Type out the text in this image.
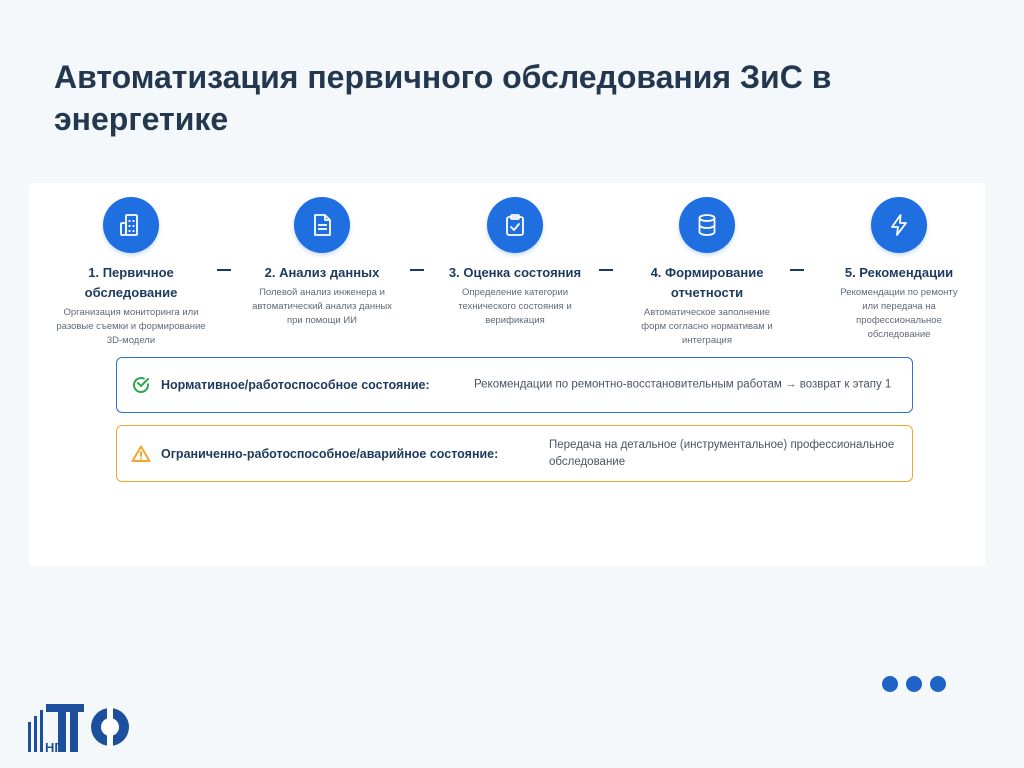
Автоматизация первичного обследования ЗиС в энергетике
1. Первичное обследование
Организация мониторинга или разовые съемки и формирование 3D-модели
2. Анализ данных
Полевой анализ инженера и автоматический анализ данных при помощи ИИ
3. Оценка состояния
Определение категории технического состояния и верификация
4. Формирование отчетности
Автоматическое заполнение форм согласно нормативам и интеграция
5. Рекомендации
Рекомендации по ремонту или передача на профессиональное обследование
Нормативное/работоспособное состояние:	Рекомендации по ремонтно-восстановительным работам → возврат к этапу 1
Ограниченно-работоспособное/аварийное состояние:
Передача на детальное (инструментальное) профессиональное обследование
НП
